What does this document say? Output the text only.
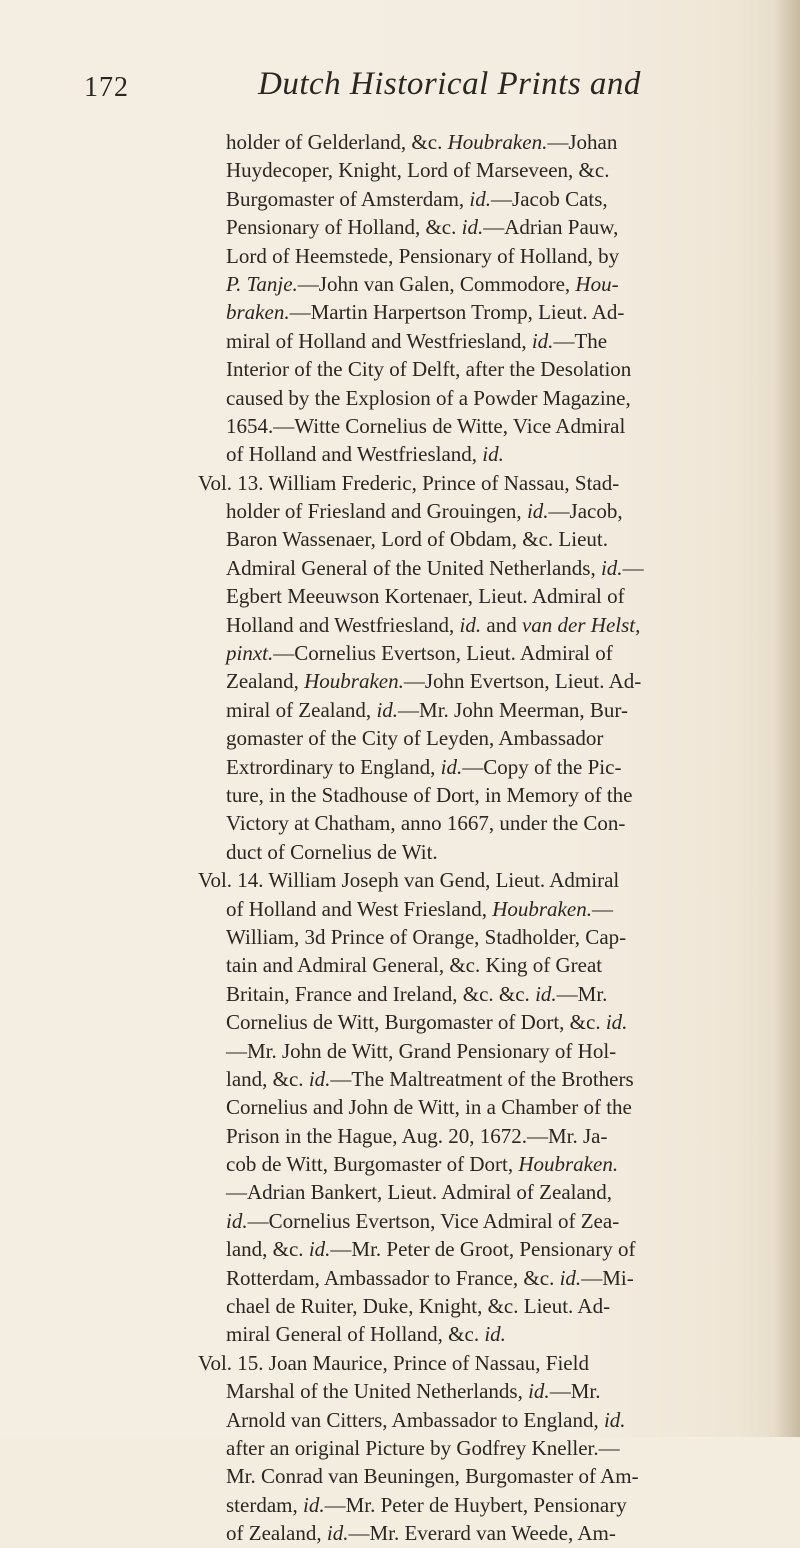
172	Dutch Historical Prints and
holder of Gelderland, &c. Houbraken.—Johan
Huydecoper, Knight, Lord of Marseveen, &c.
Burgomaster of Amsterdam, id.—Jacob Cats,
Pensionary of Holland, &c. id.—Adrian Pauw,
Lord of Heemstede, Pensionary of Holland, by
P. Tanje.—John van Galen, Commodore, Hou-
braken.—Martin Harpertson Tromp, Lieut. Ad-
miral of Holland and Westfriesland, id.—The
Interior of the City of Delft, after the Desolation
caused by the Explosion of a Powder Magazine,
1654.—Witte Cornelius de Witte, Vice Admiral
of Holland and Westfriesland, id.
Vol. 13. William Frederic, Prince of Nassau, Stad-
holder of Friesland and Grouingen, id.—Jacob,
Baron Wassenaer, Lord of Obdam, &c. Lieut.
Admiral General of the United Netherlands, id.—
Egbert Meeuwson Kortenaer, Lieut. Admiral of
Holland and Westfriesland, id. and van der Helst,
pinxt.—Cornelius Evertson, Lieut. Admiral of
Zealand, Houbraken.—John Evertson, Lieut. Ad-
miral of Zealand, id.—Mr. John Meerman, Bur-
gomaster of the City of Leyden, Ambassador
Extrordinary to England, id.—Copy of the Pic-
ture, in the Stadhouse of Dort, in Memory of the
Victory at Chatham, anno 1667, under the Con-
duct of Cornelius de Wit.
Vol. 14. William Joseph van Gend, Lieut. Admiral
of Holland and West Friesland, Houbraken.—
William, 3d Prince of Orange, Stadholder, Cap-
tain and Admiral General, &c. King of Great
Britain, France and Ireland, &c. &c. id.—Mr.
Cornelius de Witt, Burgomaster of Dort, &c. id.
—Mr. John de Witt, Grand Pensionary of Hol-
land, &c. id.—The Maltreatment of the Brothers
Cornelius and John de Witt, in a Chamber of the
Prison in the Hague, Aug. 20, 1672.—Mr. Ja-
cob de Witt, Burgomaster of Dort, Houbraken.
—Adrian Bankert, Lieut. Admiral of Zealand,
id.—Cornelius Evertson, Vice Admiral of Zea-
land, &c. id.—Mr. Peter de Groot, Pensionary of
Rotterdam, Ambassador to France, &c. id.—Mi-
chael de Ruiter, Duke, Knight, &c. Lieut. Ad-
miral General of Holland, &c. id.
Vol. 15. Joan Maurice, Prince of Nassau, Field
Marshal of the United Netherlands, id.—Mr.
Arnold van Citters, Ambassador to England, id.
after an original Picture by Godfrey Kneller.—
Mr. Conrad van Beuningen, Burgomaster of Am-
sterdam, id.—Mr. Peter de Huybert, Pensionary
of Zealand, id.—Mr. Everard van Weede, Am-
